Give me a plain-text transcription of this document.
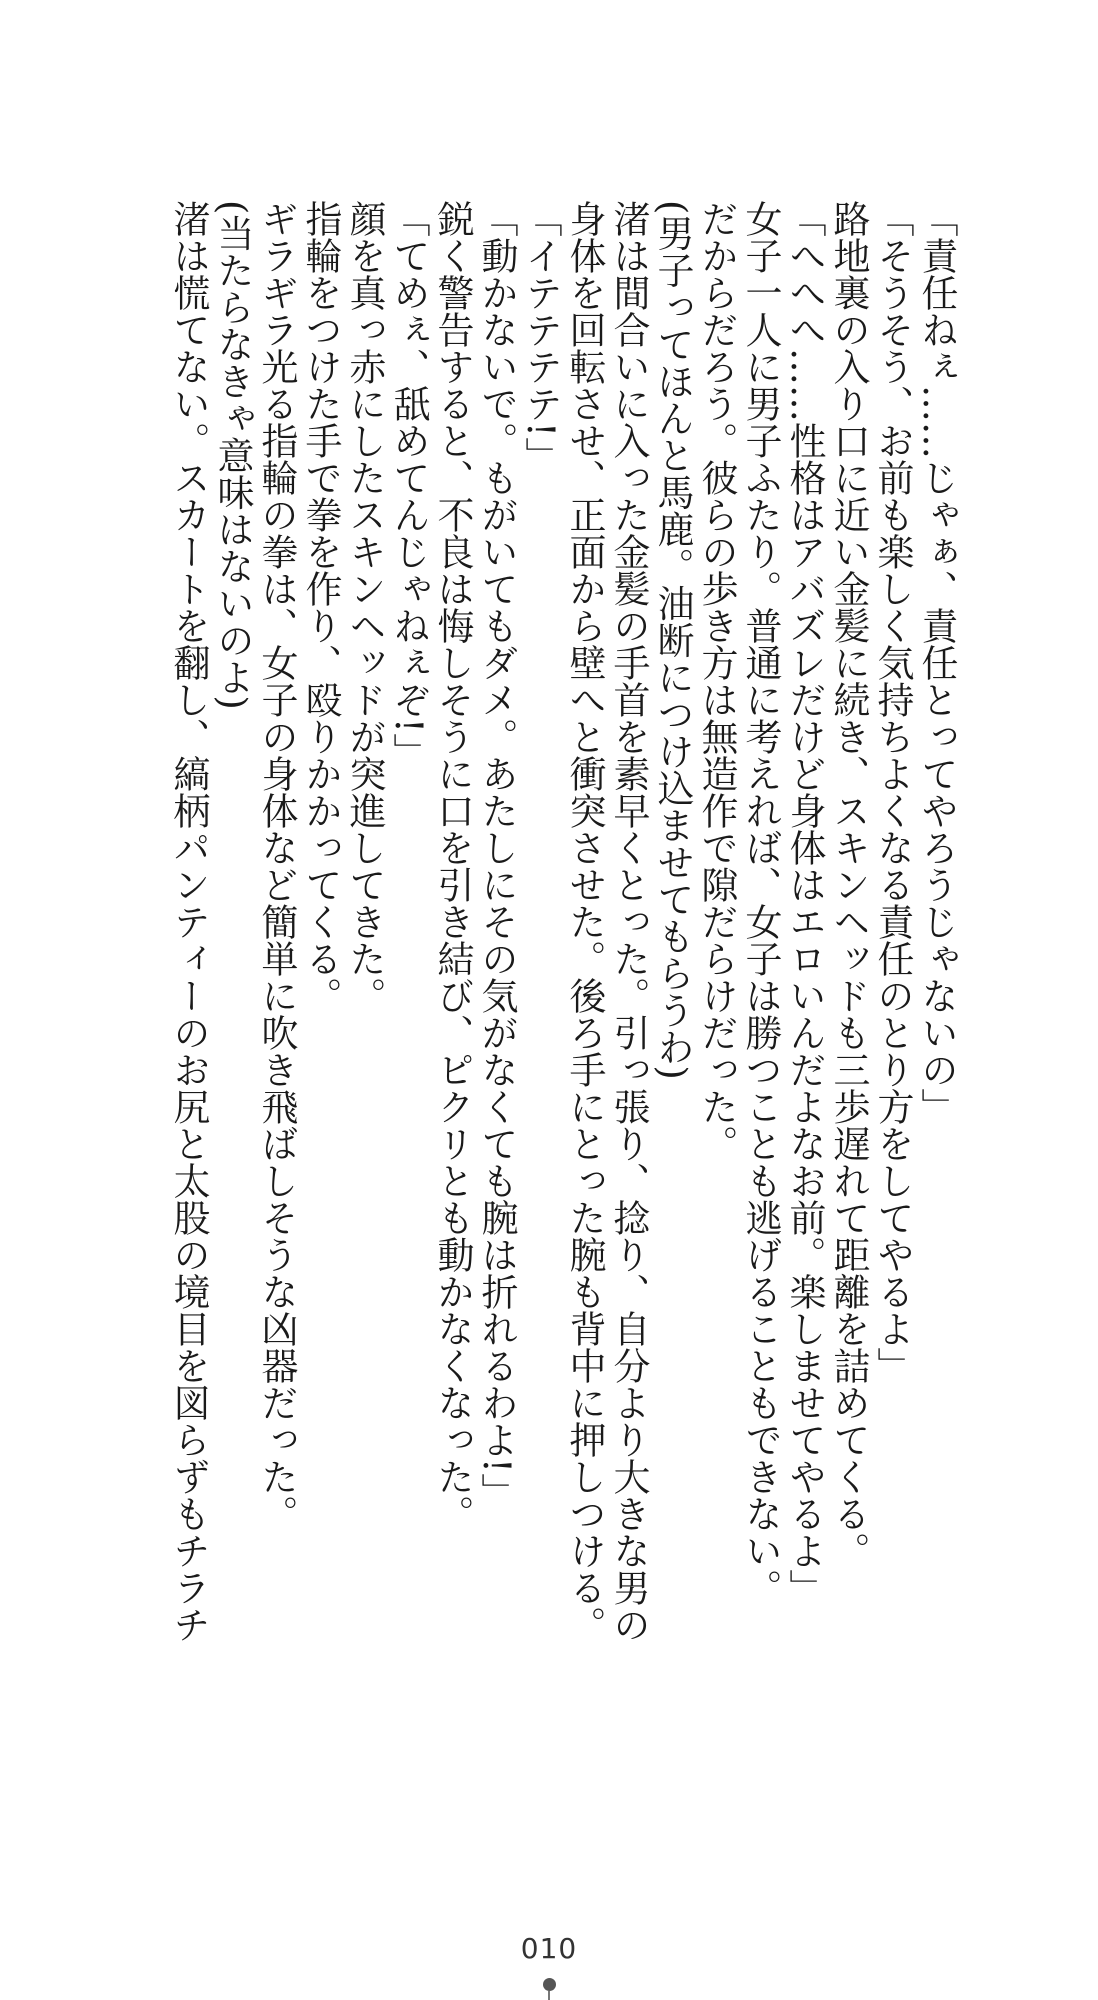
「責任ねぇ……じゃぁ、責任とってやろうじゃないの」

「そうそう、お前も楽しく気持ちよくなる責任のとり方をしてやるよ」

路地裏の入り口に近い金髪に続き、スキンヘッドも三歩遅れて距離を詰めてくる。

「へへへ……性格はアバズレだけど身体はエロいんだよなお前。楽しませてやるよ」

女子一人に男子ふたり。普通に考えれば、女子は勝つことも逃げることもできない。

だからだろう。彼らの歩き方は無造作で隙だらけだった。

(男子ってほんと馬鹿。油断につけ込ませてもらうわ)

渚は間合いに入った金髪の手首を素早くとった。引っ張り、捻り、自分より大きな男の

身体を回転させ、正面から壁へと衝突させた。後ろ手にとった腕も背中に押しつける。

「イテテテテ!」

「動かないで。もがいてもダメ。あたしにその気がなくても腕は折れるわよ!」

鋭く警告すると、不良は悔しそうに口を引き結び、ピクリとも動かなくなった。

「てめぇ、舐めてんじゃねぇぞ!」

顔を真っ赤にしたスキンヘッドが突進してきた。

指輪をつけた手で拳を作り、殴りかかってくる。

ギラギラ光る指輪の拳は、女子の身体など簡単に吹き飛ばしそうな凶器だった。

(当たらなきゃ意味はないのよ)

渚は慌てない。スカートを翻し、縞柄パンティーのお尻と太股の境目を図らずもチラチ

010
